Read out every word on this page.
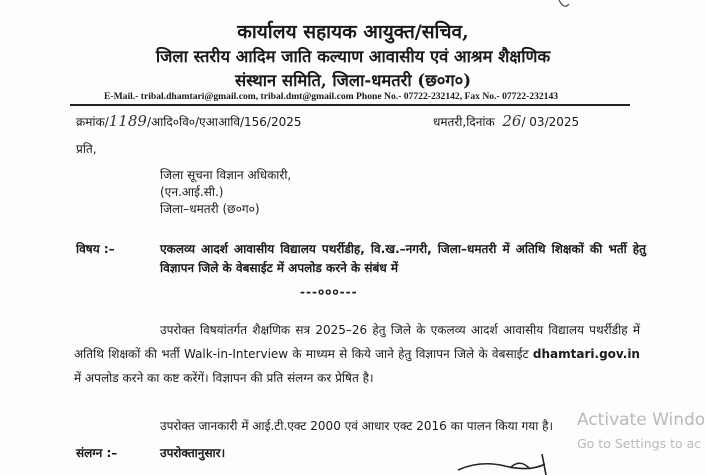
कार्यालय सहायक आयुक्त/सचिव,
जिला स्तरीय आदिम जाति कल्याण आवासीय एवं आश्रम शैक्षणिक
संस्थान समिति, जिला-धमतरी (छ०ग०)
E-Mail.- tribal.dhamtari@gmail.com, tribal.dmt@gmail.com Phone No.- 07722-232142, Fax No.- 07722-232143
क्रमांक/1189/आदि०वि०/एआआवि/156/2025	धमतरी,दिनांक 26/ 03/2025
प्रति,
जिला सूचना विज्ञान अधिकारी,
(एन.आई.सी.)
जिला–धमतरी (छ०ग०)
विषय :–	एकलव्य आदर्श आवासीय विद्यालय पथर्रीडीह, वि.ख.–नगरी, जिला–धमतरी में अतिथि शिक्षकों की भर्ती हेतु विज्ञापन जिले के वेबसाईट में अपलोड करने के संबंध में
---०००---
उपरोक्त विषयांतर्गत शैक्षणिक सत्र 2025–26 हेतु जिले के एकलव्य आदर्श आवासीय विद्यालय पथर्रीडीह में अतिथि शिक्षकों की भर्ती Walk-in-Interview के माध्यम से किये जाने हेतु विज्ञापन जिले के वेबसाईट dhamtari.gov.in में अपलोड करने का कष्ट करेंगें। विज्ञापन की प्रति संलग्न कर प्रेषित है।
उपरोक्त जानकारी में आई.टी.एक्ट 2000 एवं आधार एक्ट 2016 का पालन किया गया है।
संलग्न :–	उपरोक्तानुसार।
Activate Windo
Go to Settings to ac
